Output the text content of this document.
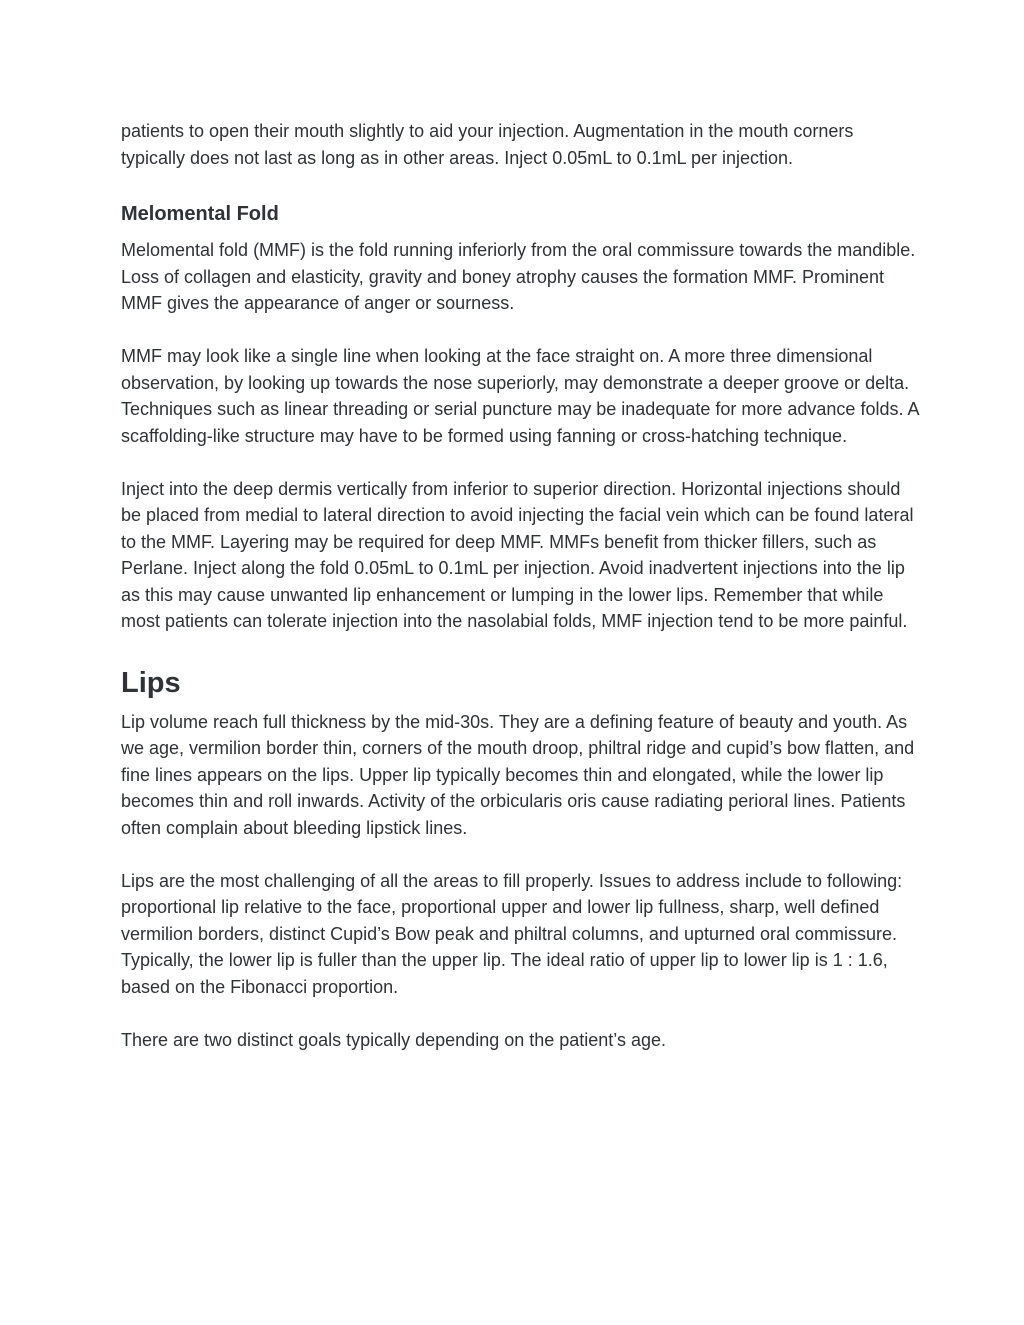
patients to open their mouth slightly to aid your injection. Augmentation in the mouth corners typically does not last as long as in other areas. Inject 0.05mL to 0.1mL per injection.

Melomental Fold

Melomental fold (MMF) is the fold running inferiorly from the oral commissure towards the mandible. Loss of collagen and elasticity, gravity and boney atrophy causes the formation MMF. Prominent MMF gives the appearance of anger or sourness.

MMF may look like a single line when looking at the face straight on. A more three dimensional observation, by looking up towards the nose superiorly, may demonstrate a deeper groove or delta. Techniques such as linear threading or serial puncture may be inadequate for more advance folds. A scaffolding-like structure may have to be formed using fanning or cross-hatching technique.

Inject into the deep dermis vertically from inferior to superior direction. Horizontal injections should be placed from medial to lateral direction to avoid injecting the facial vein which can be found lateral to the MMF. Layering may be required for deep MMF. MMFs benefit from thicker fillers, such as Perlane. Inject along the fold 0.05mL to 0.1mL per injection. Avoid inadvertent injections into the lip as this may cause unwanted lip enhancement or lumping in the lower lips. Remember that while most patients can tolerate injection into the nasolabial folds, MMF injection tend to be more painful.

Lips

Lip volume reach full thickness by the mid-30s. They are a defining feature of beauty and youth. As we age, vermilion border thin, corners of the mouth droop, philtral ridge and cupid’s bow flatten, and fine lines appears on the lips. Upper lip typically becomes thin and elongated, while the lower lip becomes thin and roll inwards. Activity of the orbicularis oris cause radiating perioral lines. Patients often complain about bleeding lipstick lines.

Lips are the most challenging of all the areas to fill properly. Issues to address include to following: proportional lip relative to the face, proportional upper and lower lip fullness, sharp, well defined vermilion borders, distinct Cupid’s Bow peak and philtral columns, and upturned oral commissure. Typically, the lower lip is fuller than the upper lip. The ideal ratio of upper lip to lower lip is 1 : 1.6, based on the Fibonacci proportion.

There are two distinct goals typically depending on the patient’s age.
